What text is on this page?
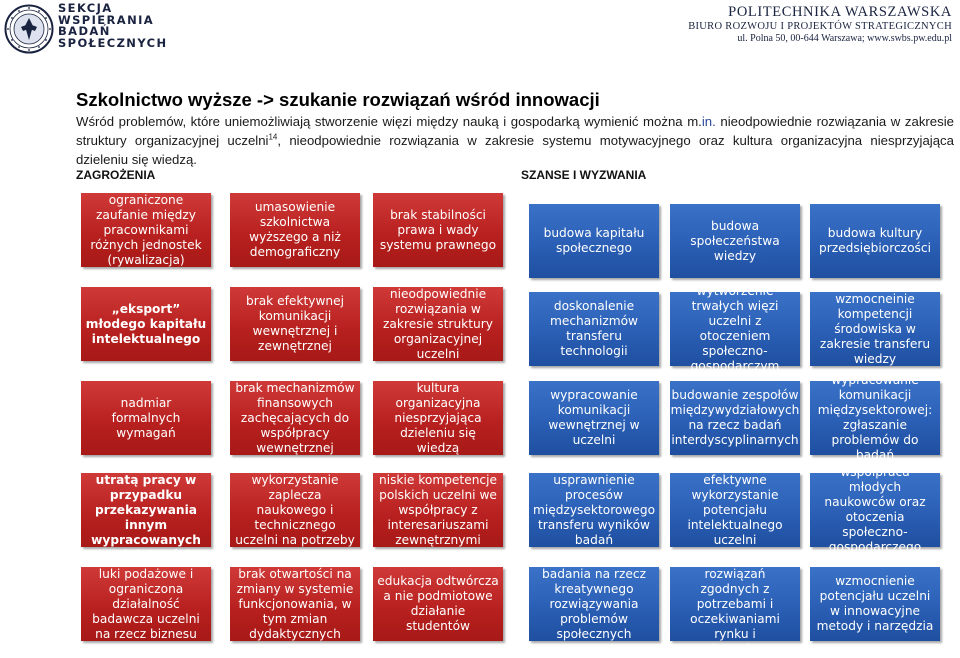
SEKCJA
WSPIERANIA
BADAŃ
SPOŁECZNYCH
POLITECHNIKA WARSZAWSKA
BIURO ROZWOJU I PROJEKTÓW STRATEGICZNYCH
ul. Polna 50, 00-644 Warszawa; www.swbs.pw.edu.pl
Szkolnictwo wyższe -> szukanie rozwiązań wśród innowacji

Wśród problemów, które uniemożliwiają stworzenie więzi między nauką i gospodarką wymienić można m.in. nieodpowiednie rozwiązania w zakresie struktury organizacyjnej uczelni$^{14}$, nieodpowiednie rozwiązania w zakresie systemu motywacyjnego oraz kultura organizacyjna niesprzyjająca dzieleniu się wiedzą.

ZAGROŻENIA	SZANSE I WYZWANIA
ograniczone zaufanie między pracownikami różnych jednostek (rywalizacja)
umasowienie szkolnictwa wyższego a niż demograficzny
brak stabilności prawa i wady systemu prawnego
budowa kapitału społecznego
budowa społeczeństwa wiedzy
budowa kultury przedsiębiorczości
„eksport” młodego kapitału intelektualnego
brak efektywnej komunikacji wewnętrznej i zewnętrznej
nieodpowiednie rozwiązania w zakresie struktury organizacyjnej uczelni
doskonalenie mechanizmów transferu technologii
wytworzenie trwałych więzi uczelni z otoczeniem społeczno-gospodarczym
wzmocneinie kompetencji środowiska w zakresie transferu wiedzy
nadmiar formalnych wymagań
brak mechanizmów finansowych zachęcających do współpracy wewnętrznej
kultura organizacyjna niesprzyjająca dzieleniu się wiedzą
wypracowanie komunikacji wewnętrznej w uczelni
budowanie zespołów międzywydziałowych na rzecz badań interdyscyplinarnych
wypracowanie komunikacji międzysektorowej: zgłaszanie problemów do badań
obawa przed utratą pracy w przypadku przekazywania innym wypracowanych umiejętności
słabe wykorzystanie zaplecza naukowego i technicznego uczelni na potrzeby sektora biznesu
niskie kompetencje polskich uczelni we współpracy z interesariuszami zewnętrznymi
usprawnienie procesów międzysektorowego transferu wyników badań
efektywne wykorzystanie potencjału intelektualnego uczelni
współpraca młodych naukowców oraz otoczenia społeczno-gospodarczego
luki podażowe i ograniczona działalność badawcza uczelni na rzecz biznesu
brak otwartości na zmiany w systemie funkcjonowania, w tym zmian dydaktycznych
edukacja odtwórcza a nie podmiotowe działanie studentów
badania na rzecz kreatywnego rozwiązywania problemów społecznych
projektowanie rozwiązań zgodnych z potrzebami i oczekiwaniami rynku i społeczeństwa
wzmocnienie potencjału uczelni w innowacyjne metody i narzędzia
